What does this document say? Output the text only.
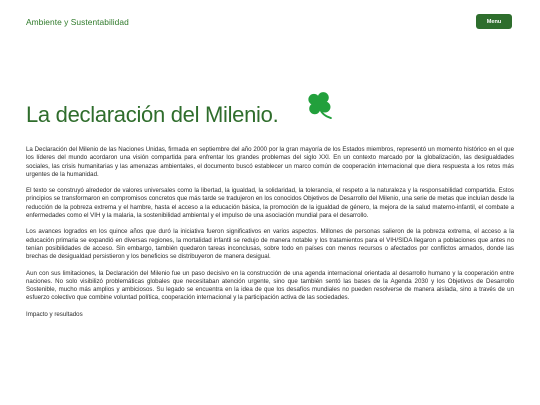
Ambiente y Sustentabilidad	Menu
La declaración del Milenio.

La Declaración del Milenio de las Naciones Unidas, firmada en septiembre del año 2000 por la gran mayoría de los Estados miembros, representó un momento histórico en el que los líderes del mundo acordaron una visión compartida para enfrentar los grandes problemas del siglo XXI. En un contexto marcado por la globalización, las desigualdades sociales, las crisis humanitarias y las amenazas ambientales, el documento buscó establecer un marco común de cooperación internacional que diera respuesta a los retos más urgentes de la humanidad.

El texto se construyó alrededor de valores universales como la libertad, la igualdad, la solidaridad, la tolerancia, el respeto a la naturaleza y la responsabilidad compartida. Estos principios se transformaron en compromisos concretos que más tarde se tradujeron en los conocidos Objetivos de Desarrollo del Milenio, una serie de metas que incluían desde la reducción de la pobreza extrema y el hambre, hasta el acceso a la educación básica, la promoción de la igualdad de género, la mejora de la salud materno-infantil, el combate a enfermedades como el VIH y la malaria, la sostenibilidad ambiental y el impulso de una asociación mundial para el desarrollo.

Los avances logrados en los quince años que duró la iniciativa fueron significativos en varios aspectos. Millones de personas salieron de la pobreza extrema, el acceso a la educación primaria se expandió en diversas regiones, la mortalidad infantil se redujo de manera notable y los tratamientos para el VIH/SIDA llegaron a poblaciones que antes no tenían posibilidades de acceso. Sin embargo, también quedaron tareas inconclusas, sobre todo en países con menos recursos o afectados por conflictos armados, donde las brechas de desigualdad persistieron y los beneficios se distribuyeron de manera desigual.

Aun con sus limitaciones, la Declaración del Milenio fue un paso decisivo en la construcción de una agenda internacional orientada al desarrollo humano y la cooperación entre naciones. No solo visibilizó problemáticas globales que necesitaban atención urgente, sino que también sentó las bases de la Agenda 2030 y los Objetivos de Desarrollo Sostenible, mucho más amplios y ambiciosos. Su legado se encuentra en la idea de que los desafíos mundiales no pueden resolverse de manera aislada, sino a través de un esfuerzo colectivo que combine voluntad política, cooperación internacional y la participación activa de las sociedades.

Impacto y resultados
